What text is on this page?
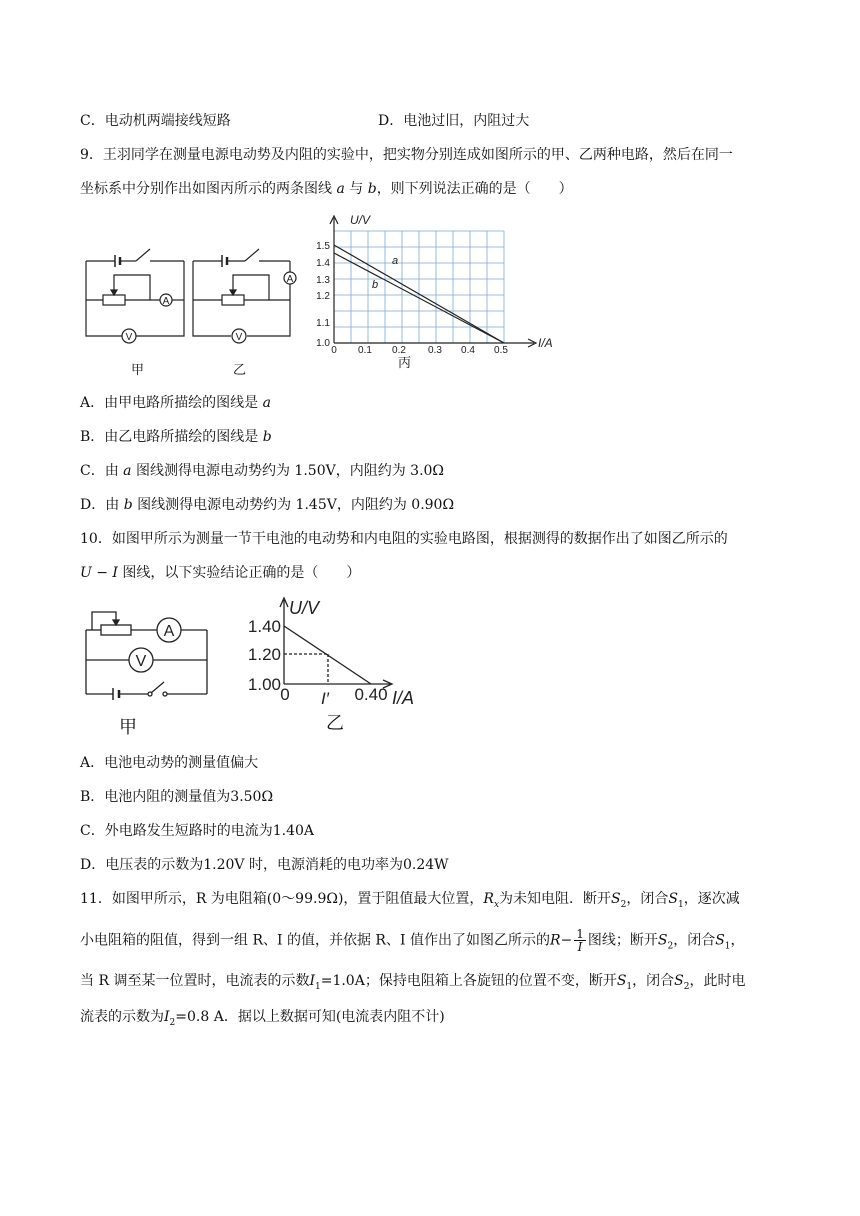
C．电动机两端接线短路	D．电池过旧，内阻过大
9．王羽同学在测量电源电动势及内阻的实验中，把实物分别连成如图所示的甲、乙两种电路，然后在同一
坐标系中分别作出如图丙所示的两条图线 a 与 b，则下列说法正确的是（　　）
A
V
甲
A
V
乙
U/V
I/A
1.5
1.4
1.3
1.2
1.1
1.0
0 0.1 0.2 0.3 0.4 0.5
a
b
丙
A．由甲电路所描绘的图线是 a
B．由乙电路所描绘的图线是 b
C．由 a 图线测得电源电动势约为 1.50V，内阻约为 3.0Ω
D．由 b 图线测得电源电动势约为 1.45V，内阻约为 0.90Ω
10．如图甲所示为测量一节干电池的电动势和内电阻的实验电路图，根据测得的数据作出了如图乙所示的
U − I 图线，以下实验结论正确的是（　　）
A
V
甲
U/V
I/A
1.40
1.20
1.00
0 I′ 0.40
乙
A．电池电动势的测量值偏大
B．电池内阻的测量值为3.50Ω
C．外电路发生短路时的电流为1.40A
D．电压表的示数为1.20V 时，电源消耗的电功率为0.24W
11．如图甲所示，R 为电阻箱(0～99.9Ω)，置于阻值最大位置，$R_x$为未知电阻．断开$S_2$，闭合$S_1$，逐次减
小电阻箱的阻值，得到一组 R、I 的值，并依据 R、I 值作出了如图乙所示的$R- \frac{1}{I}$ 图线；断开$S_2$，闭合$S_1$，
当 R 调至某一位置时，电流表的示数$I_1=1.0A$；保持电阻箱上各旋钮的位置不变，断开$S_1$，闭合$S_2$，此时电
流表的示数为$I_2=0.8$ A．据以上数据可知(电流表内阻不计)
